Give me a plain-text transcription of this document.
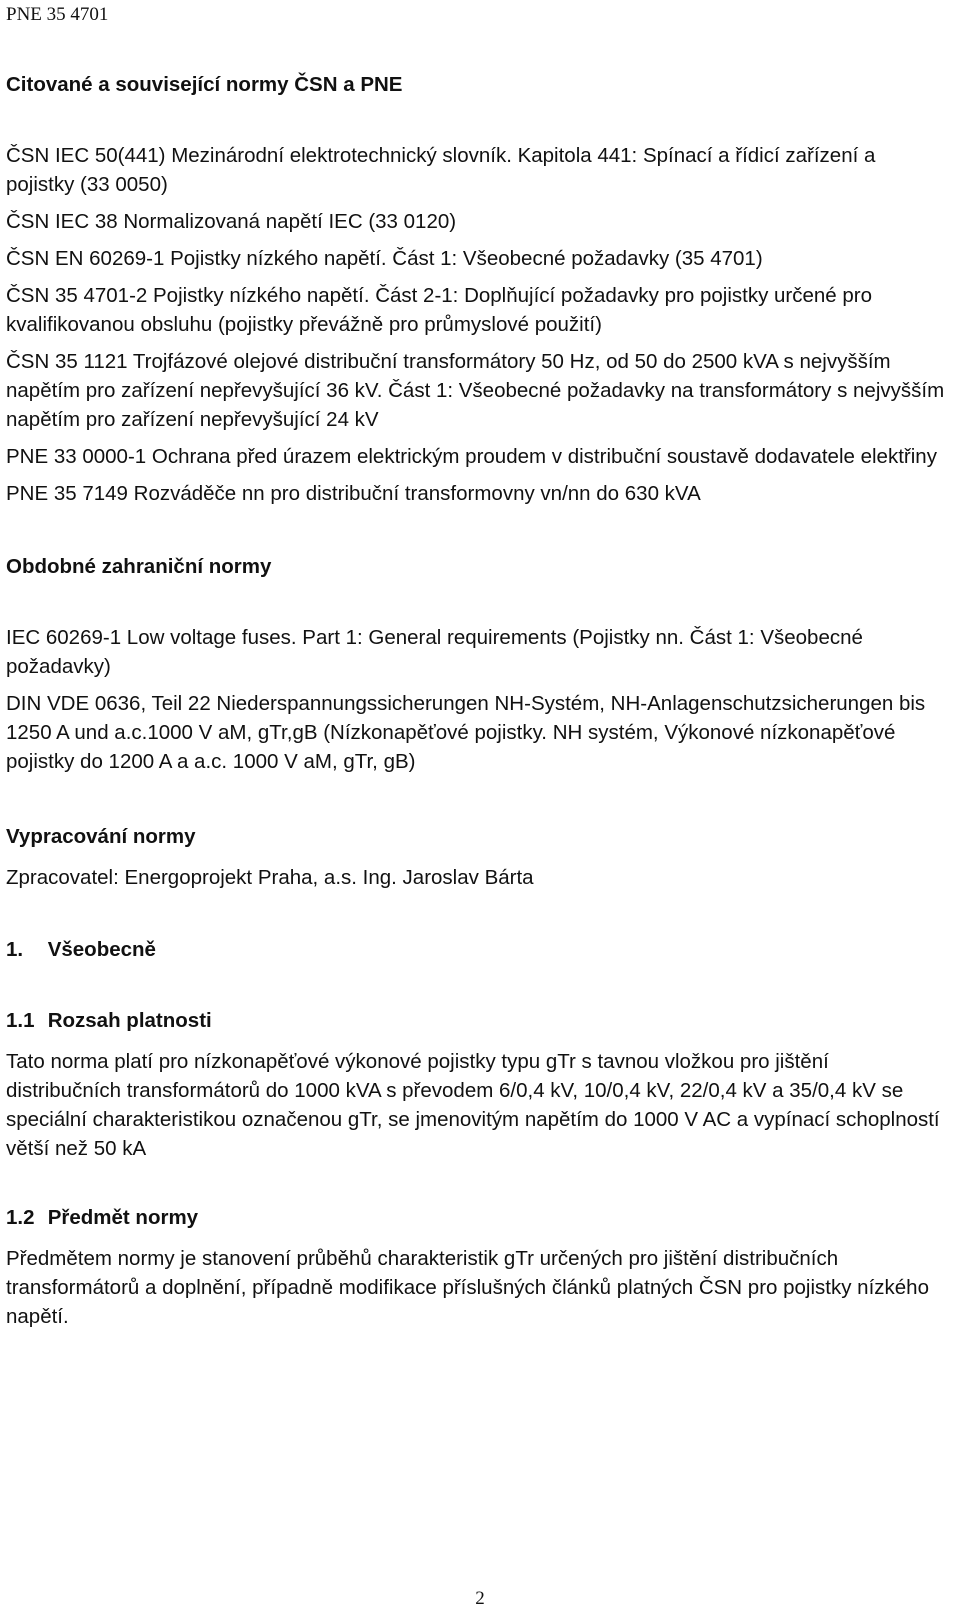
PNE 35 4701

Citované a související normy ČSN a PNE

ČSN IEC 50(441) Mezinárodní elektrotechnický slovník. Kapitola 441: Spínací a řídicí zařízení a pojistky (33 0050)

ČSN IEC 38 Normalizovaná napětí IEC (33 0120)

ČSN EN 60269-1 Pojistky nízkého napětí. Část 1: Všeobecné požadavky (35 4701)

ČSN 35 4701-2 Pojistky nízkého napětí. Část 2-1: Doplňující požadavky pro pojistky určené pro kvalifikovanou obsluhu (pojistky převážně pro průmyslové použití)

ČSN 35 1121 Trojfázové olejové distribuční transformátory 50 Hz, od 50 do 2500 kVA s nejvyšším napětím pro zařízení nepřevyšující 36 kV. Část 1: Všeobecné požadavky na transformátory s nejvyšším napětím pro zařízení nepřevyšující 24 kV

PNE 33 0000-1 Ochrana před úrazem elektrickým proudem v distribuční soustavě dodavatele elektřiny

PNE 35 7149 Rozváděče nn pro distribuční transformovny vn/nn do 630 kVA

Obdobné zahraniční normy

IEC 60269-1 Low voltage fuses. Part 1: General requirements (Pojistky nn. Část 1: Všeobecné požadavky)

DIN VDE 0636, Teil 22 Niederspannungssicherungen NH-Systém, NH-Anlagenschutzsicherungen bis 1250 A und a.c.1000 V aM, gTr,gB (Nízkonapěťové pojistky. NH systém, Výkonové nízkonapěťové pojistky do 1200 A a a.c. 1000 V aM, gTr, gB)

Vypracování normy

Zpracovatel: Energoprojekt Praha, a.s. Ing. Jaroslav Bárta

1. Všeobecně

1.1 Rozsah platnosti

Tato norma platí pro nízkonapěťové výkonové pojistky typu gTr s tavnou vložkou pro jištění distribučních transformátorů do 1000 kVA s převodem 6/0,4 kV, 10/0,4 kV, 22/0,4 kV a 35/0,4 kV se speciální charakteristikou označenou gTr, se jmenovitým napětím do 1000 V AC a vypínací schoplností větší než 50 kA

1.2 Předmět normy

Předmětem normy je stanovení průběhů charakteristik gTr určených pro jištění distribučních transformátorů a doplnění, případně modifikace příslušných článků platných ČSN pro pojistky nízkého napětí.

2
